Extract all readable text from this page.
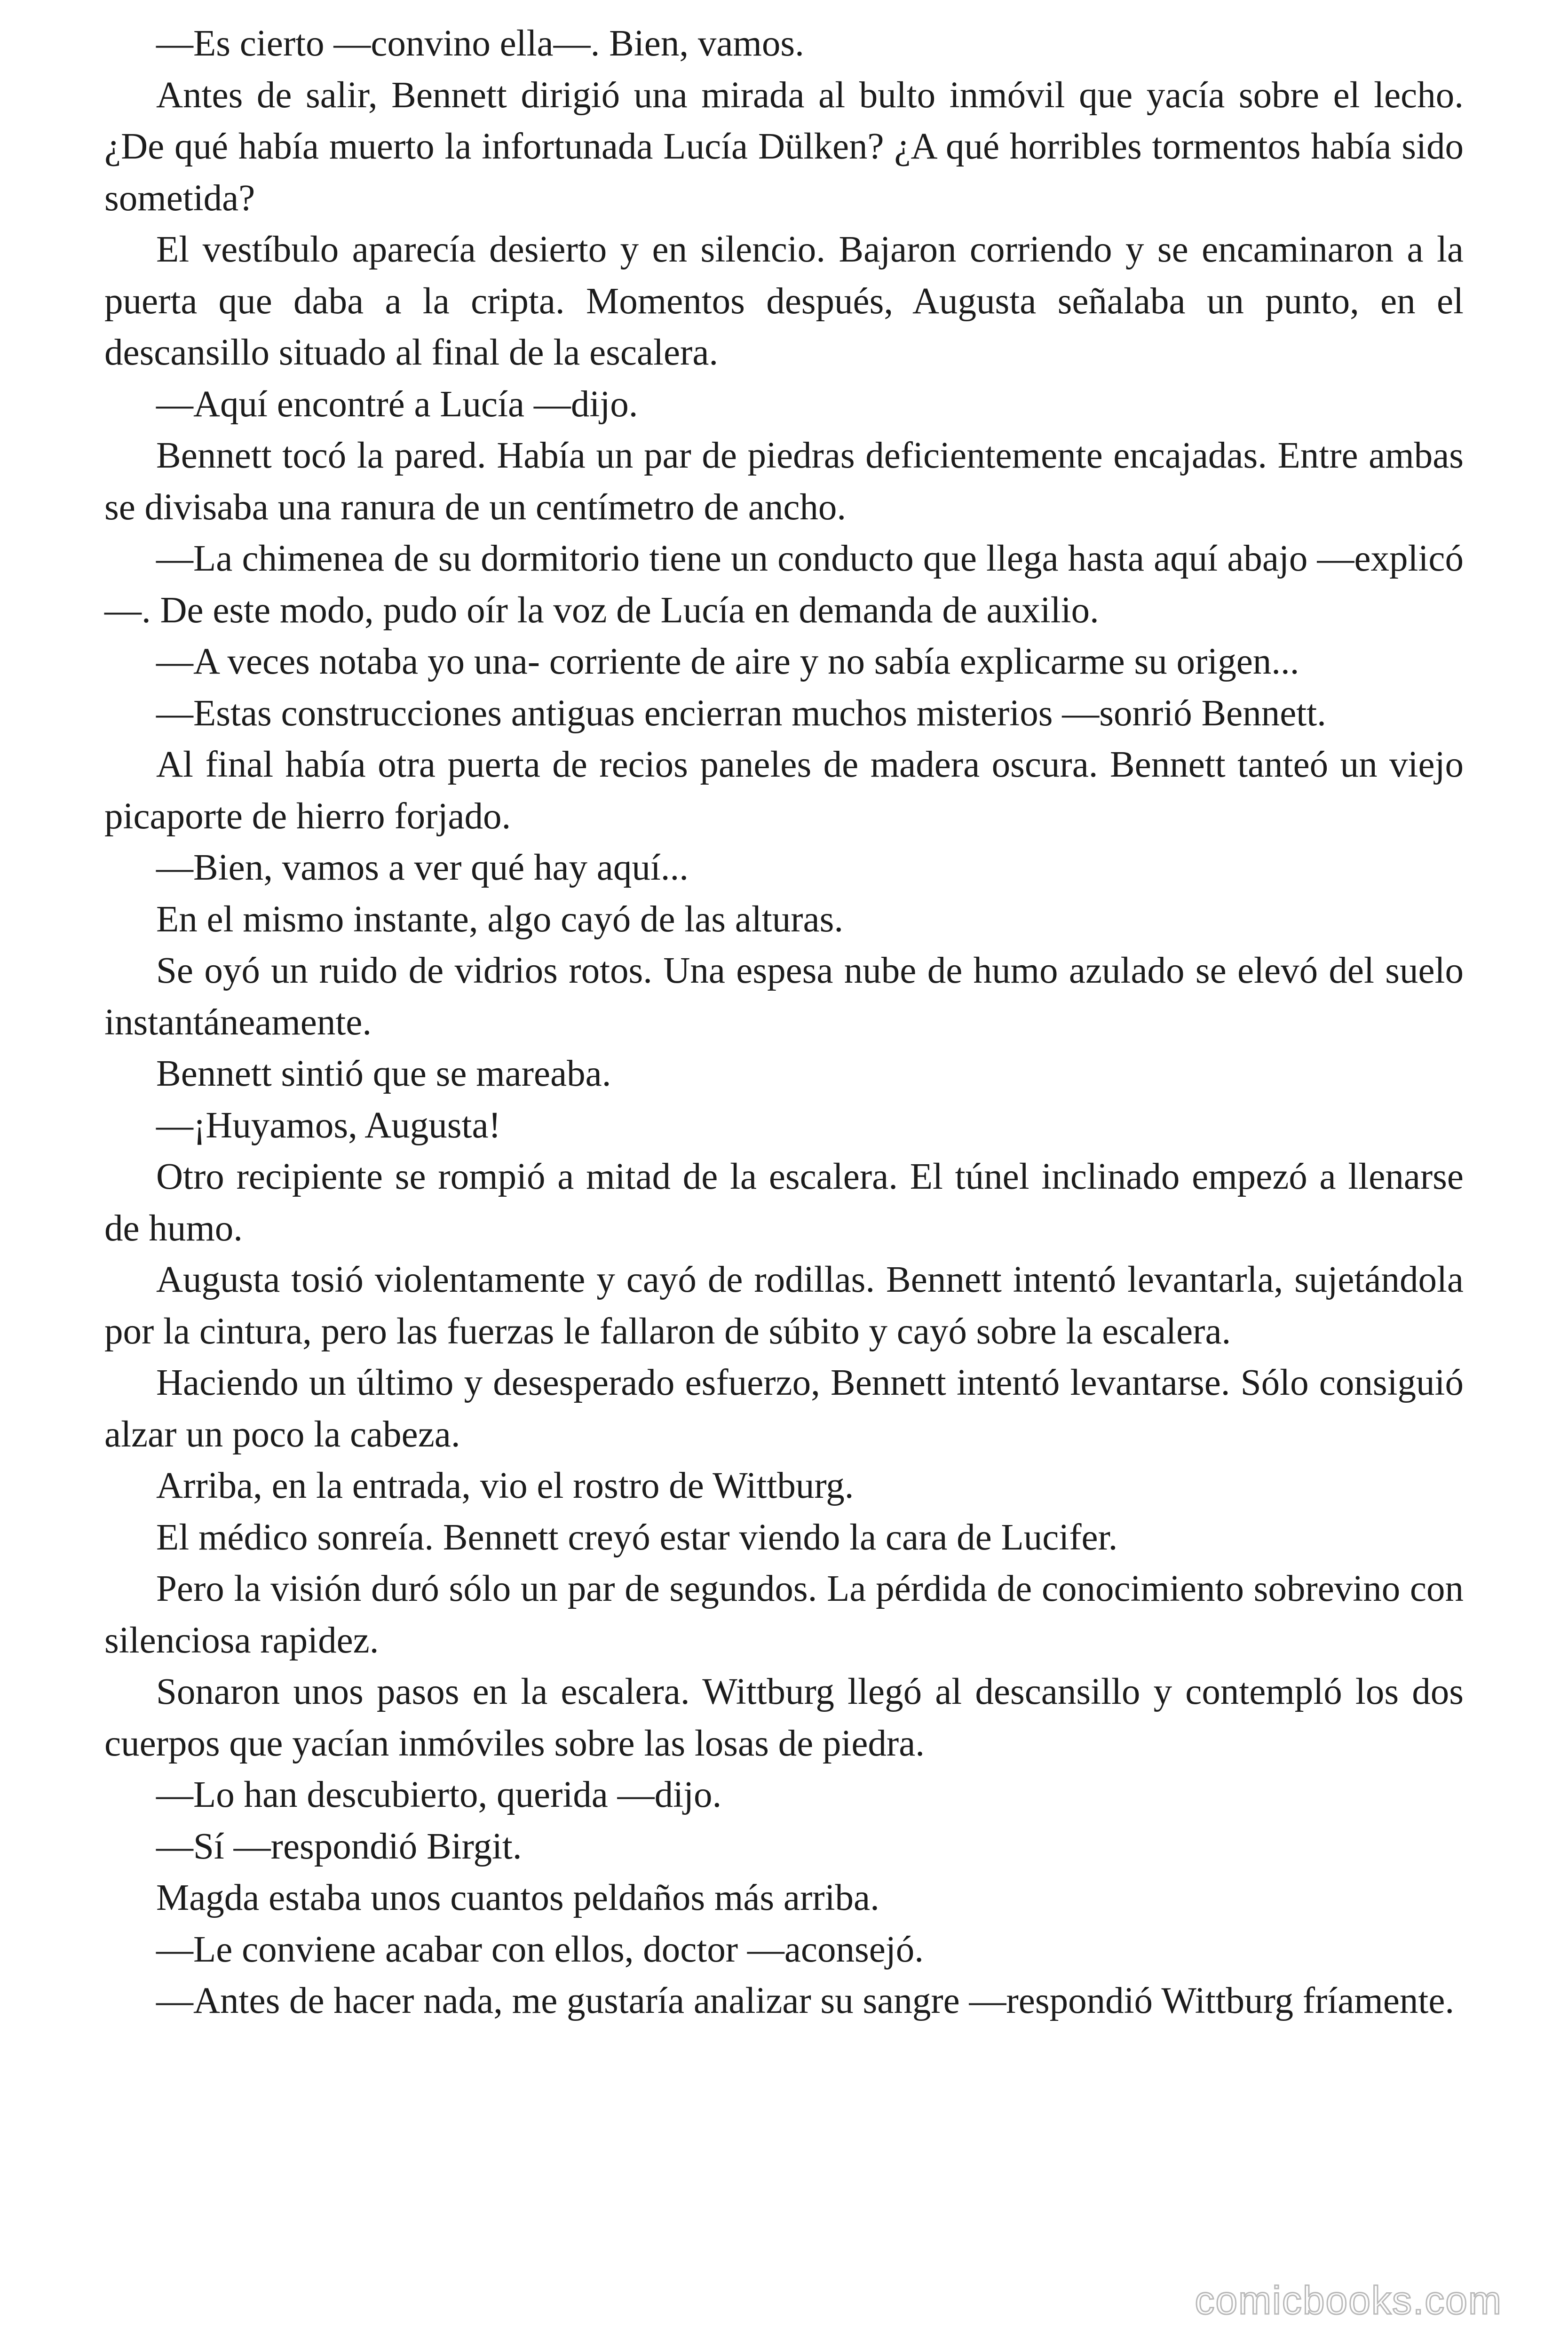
—Es cierto —convino ella—. Bien, vamos.

Antes de salir, Bennett dirigió una mirada al bulto inmóvil que yacía sobre el lecho. ¿De qué había muerto la infortunada Lucía Dülken? ¿A qué horribles tormentos había sido sometida?

El vestíbulo aparecía desierto y en silencio. Bajaron corriendo y se encaminaron a la puerta que daba a la cripta. Momentos después, Augusta señalaba un punto, en el descansillo situado al final de la escalera.

—Aquí encontré a Lucía —dijo.

Bennett tocó la pared. Había un par de piedras deficientemente encajadas. Entre ambas se divisaba una ranura de un centímetro de ancho.

—La chimenea de su dormitorio tiene un conducto que llega hasta aquí abajo —explicó—. De este modo, pudo oír la voz de Lucía en demanda de auxilio.

—A veces notaba yo una- corriente de aire y no sabía explicarme su origen...

—Estas construcciones antiguas encierran muchos misterios —sonrió Bennett.

Al final había otra puerta de recios paneles de madera oscura. Bennett tanteó un viejo picaporte de hierro forjado.

—Bien, vamos a ver qué hay aquí...

En el mismo instante, algo cayó de las alturas.

Se oyó un ruido de vidrios rotos. Una espesa nube de humo azulado se elevó del suelo instantáneamente.

Bennett sintió que se mareaba.

—¡Huyamos, Augusta!

Otro recipiente se rompió a mitad de la escalera. El túnel inclinado empezó a llenarse de humo.

Augusta tosió violentamente y cayó de rodillas. Bennett intentó levantarla, sujetándola por la cintura, pero las fuerzas le fallaron de súbito y cayó sobre la escalera.

Haciendo un último y desesperado esfuerzo, Bennett intentó levantarse. Sólo consiguió alzar un poco la cabeza.

Arriba, en la entrada, vio el rostro de Wittburg.

El médico sonreía. Bennett creyó estar viendo la cara de Lucifer.

Pero la visión duró sólo un par de segundos. La pérdida de conocimiento sobrevino con silenciosa rapidez.

Sonaron unos pasos en la escalera. Wittburg llegó al descansillo y contempló los dos cuerpos que yacían inmóviles sobre las losas de piedra.

—Lo han descubierto, querida —dijo.

—Sí —respondió Birgit.

Magda estaba unos cuantos peldaños más arriba.

—Le conviene acabar con ellos, doctor —aconsejó.

—Antes de hacer nada, me gustaría analizar su sangre —respondió Wittburg fríamente.

comicbooks.com
